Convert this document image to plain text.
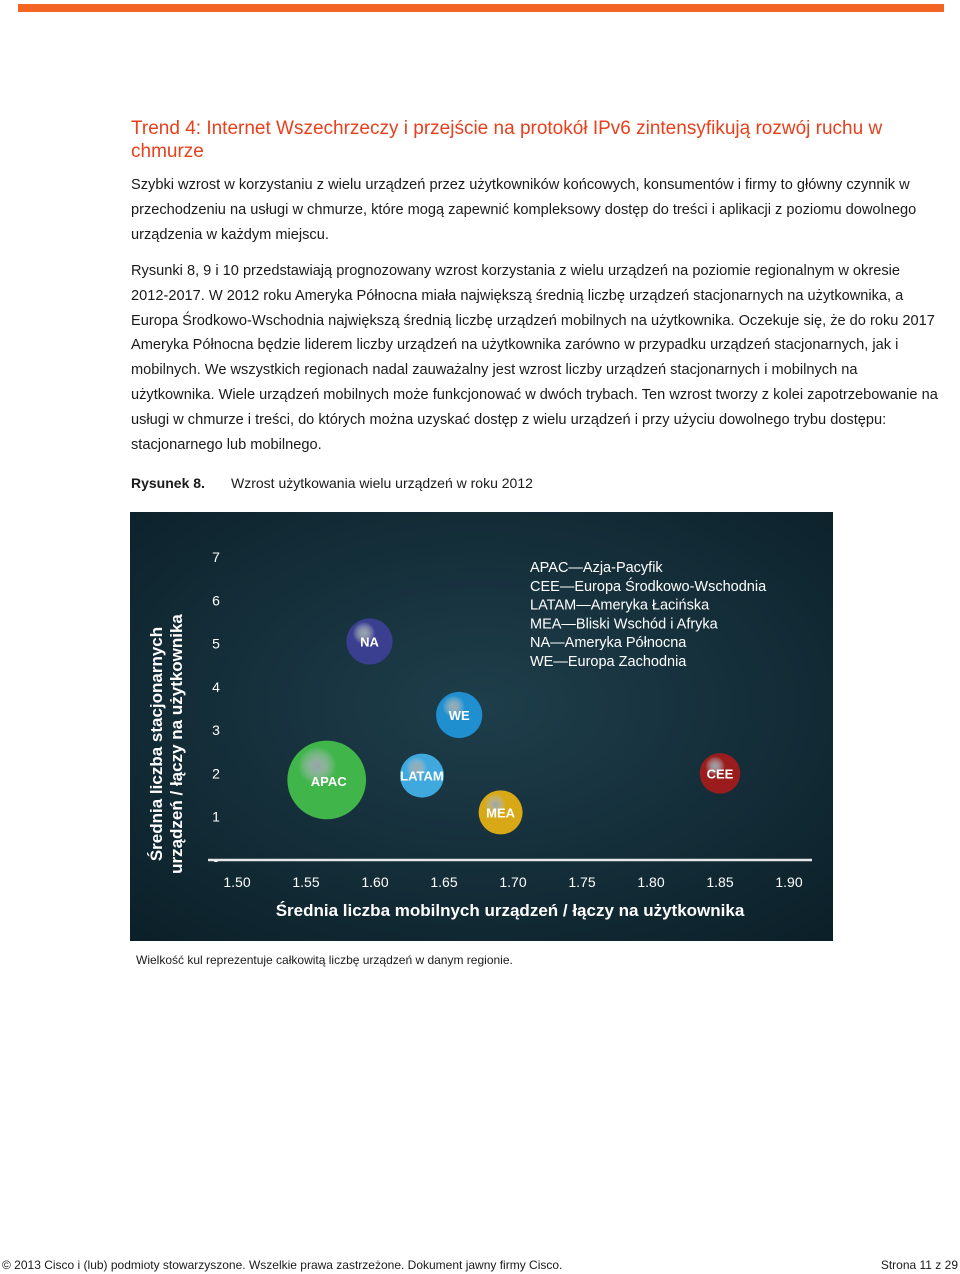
Trend 4: Internet Wszechrzeczy i przejście na protokół IPv6 zintensyfikują rozwój ruchu w chmurze

Szybki wzrost w korzystaniu z wielu urządzeń przez użytkowników końcowych, konsumentów i firmy to główny czynnik w przechodzeniu na usługi w chmurze, które mogą zapewnić kompleksowy dostęp do treści i aplikacji z poziomu dowolnego urządzenia w każdym miejscu.

Rysunki 8, 9 i 10 przedstawiają prognozowany wzrost korzystania z wielu urządzeń na poziomie regionalnym w okresie 2012-2017. W 2012 roku Ameryka Północna miała największą średnią liczbę urządzeń stacjonarnych na użytkownika, a Europa Środkowo-Wschodnia największą średnią liczbę urządzeń mobilnych na użytkownika. Oczekuje się, że do roku 2017 Ameryka Północna będzie liderem liczby urządzeń na użytkownika zarówno w przypadku urządzeń stacjonarnych, jak i mobilnych. We wszystkich regionach nadal zauważalny jest wzrost liczby urządzeń stacjonarnych i mobilnych na użytkownika. Wiele urządzeń mobilnych może funkcjonować w dwóch trybach. Ten wzrost tworzy z kolei zapotrzebowanie na usługi w chmurze i treści, do których można uzyskać dostęp z wielu urządzeń i przy użyciu dowolnego trybu dostępu: stacjonarnego lub mobilnego.

Rysunek 8. Wzrost użytkowania wielu urządzeń w roku 2012
Średnia liczba mobilnych urządzeń / łączy na użytkownika
Średnia liczba stacjonarnych urządzeń / łączy na użytkownika
1.50	1.55	1.60	1.65	1.70	1.75	1.80	1.85	1.90
-
1
2
3
4
5
6
7
APAC—Azja-Pacyfik
CEE—Europa Środkowo-Wschodnia
LATAM—Ameryka Łacińska
MEA—Bliski Wschód i Afryka
NA—Ameryka Północna
WE—Europa Zachodnia
APAC
NA
WE
LATAM
MEA
CEE
Wielkość kul reprezentuje całkowitą liczbę urządzeń w danym regionie.
© 2013 Cisco i (lub) podmioty stowarzyszone. Wszelkie prawa zastrzeżone. Dokument jawny firmy Cisco.	Strona 11 z 29
